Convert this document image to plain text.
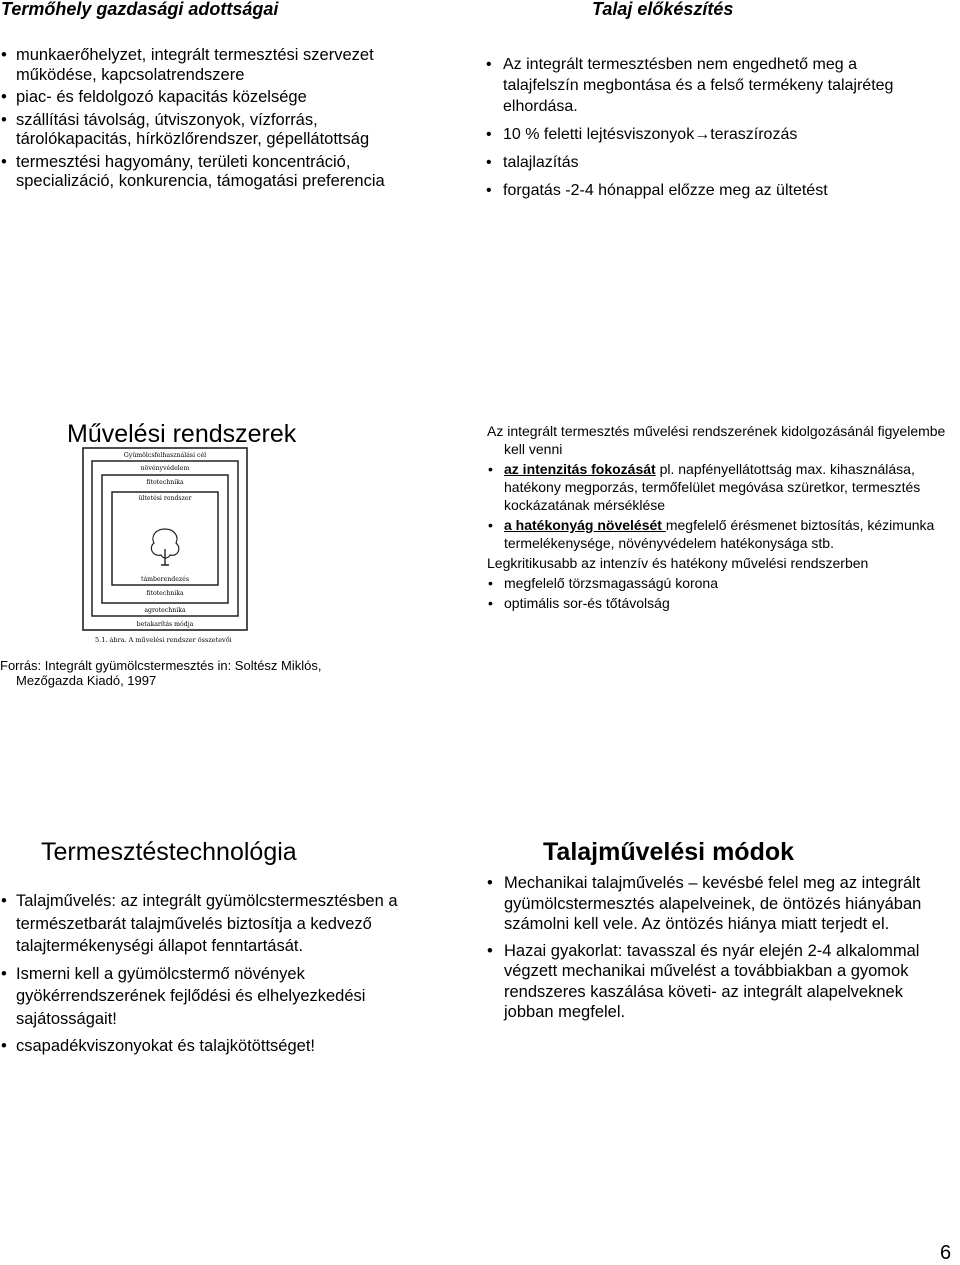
Termőhely gazdasági adottságai
• munkaerőhelyzet, integrált termesztési szervezet működése, kapcsolatrendszere
• piac- és feldolgozó kapacitás közelsége
• szállítási távolság, útviszonyok, vízforrás, tárolókapacitás, hírközlőrendszer, gépellátottság
• termesztési hagyomány, területi koncentráció, specializáció, konkurencia, támogatási preferencia
Talaj előkészítés
• Az integrált termesztésben nem engedhető meg a talajfelszín megbontása és a felső termékeny talajréteg elhordása.
• 10 % feletti lejtésviszonyok→teraszírozás
• talajlazítás
• forgatás -2-4 hónappal előzze meg az ültetést
Művelési rendszerek
Gyümölcsfelhasználási cél
növényvédelem
fitotechnika
ültetési rendszer
támberendezés
fitotechnika
agrotechnika
betakarítás módja
5.1. ábra. A művelési rendszer összetevői
Forrás: Integrált gyümölcstermesztés in: Soltész Miklós,
Mezőgazda Kiadó, 1997

Az integrált termesztés művelési rendszerének kidolgozásánál figyelembe kell venni

• az intenzitás fokozását pl. napfényellátottság max. kihasználása, hatékony megporzás, termőfelület megóvása szüretkor, termesztés kockázatának mérséklése
• a hatékonyág növelését megfelelő érésmenet biztosítás, kézimunka termelékenysége, növényvédelem hatékonysága stb.

Legkritikusabb az intenzív és hatékony művelési rendszerben

• megfelelő törzsmagasságú korona
• optimális sor-és tőtávolság
Termesztéstechnológia
• Talajművelés: az integrált gyümölcstermesztésben a természetbarát talajművelés biztosítja a kedvező talajtermékenységi állapot fenntartását.
• Ismerni kell a gyümölcstermő növények gyökérrendszerének fejlődési és elhelyezkedési sajátosságait!
• csapadékviszonyokat és talajkötöttséget!
Talajművelési módok
• Mechanikai talajművelés – kevésbé felel meg az integrált gyümölcstermesztés alapelveinek, de öntözés hiányában számolni kell vele. Az öntözés hiánya miatt terjedt el.
• Hazai gyakorlat: tavasszal és nyár elején 2-4 alkalommal végzett mechanikai művelést a továbbiakban a gyomok rendszeres kaszálása követi- az integrált alapelveknek jobban megfelel.
6
